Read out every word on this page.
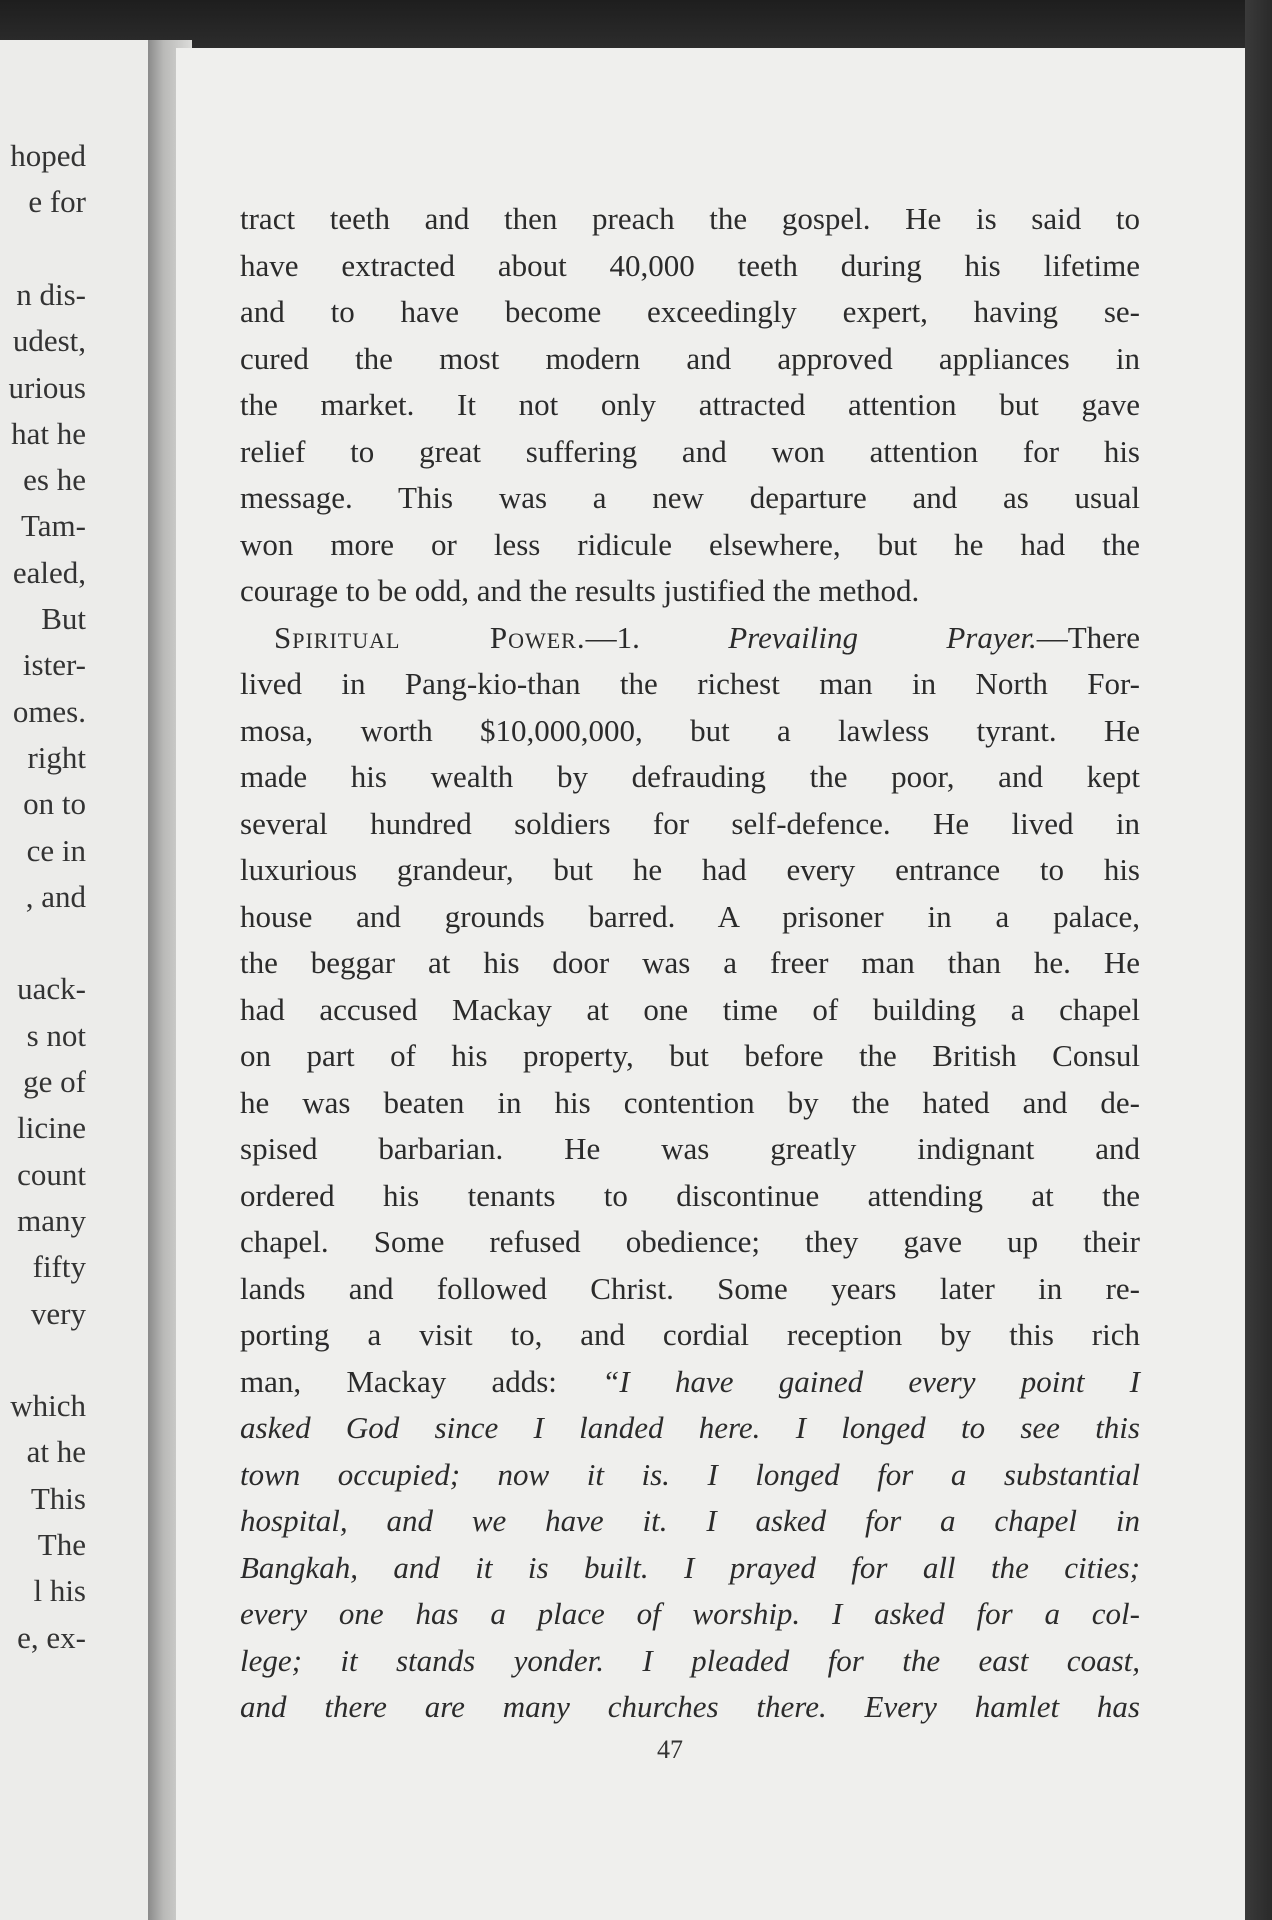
hoped
e for
n dis-
udest,
urious
hat he
es he
Tam-
ealed,
But
ister-
omes.
right
on to
ce in
, and
uack-
s not
ge of
licine
count
many
fifty
very
which
at he
This
The
l his
e, ex-
tract teeth and then preach the gospel. He is said to
have extracted about 40,000 teeth during his lifetime
and to have become exceedingly expert, having se-
cured the most modern and approved appliances in
the market. It not only attracted attention but gave
relief to great suffering and won attention for his
message. This was a new departure and as usual
won more or less ridicule elsewhere, but he had the
courage to be odd, and the results justified the method.
Spiritual Power.—1.	Prevailing Prayer.—There
lived in Pang-kio-than the richest man in North For-
mosa, worth $10,000,000, but a lawless tyrant. He
made his wealth by defrauding the poor, and kept
several hundred soldiers for self-defence. He lived in
luxurious grandeur, but he had every entrance to his
house and grounds barred. A prisoner in a palace,
the beggar at his door was a freer man than he. He
had accused Mackay at one time of building a chapel
on part of his property, but before the British Consul
he was beaten in his contention by the hated and de-
spised barbarian. He was greatly indignant and
ordered his tenants to discontinue attending at the
chapel. Some refused obedience; they gave up their
lands and followed Christ. Some years later in re-
porting a visit to, and cordial reception by this rich
man, Mackay adds: “I have gained every point I
asked God since I landed here. I longed to see this
town occupied; now it is. I longed for a substantial
hospital, and we have it. I asked for a chapel in
Bangkah, and it is built. I prayed for all the cities;
every one has a place of worship. I asked for a col-
lege; it stands yonder. I pleaded for the east coast,
and there are many churches there. Every hamlet has
47
